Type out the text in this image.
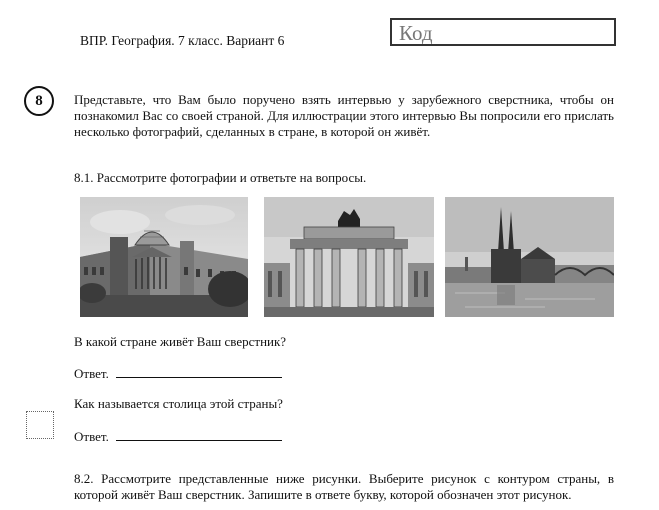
ВПР. География. 7 класс. Вариант 6	Код
8	Представьте, что Вам было поручено взять интервью у зарубежного сверстника, чтобы он познакомил Вас со своей страной. Для иллюстрации этого интервью Вы попросили его прислать несколько фотографий, сделанных в стране, в которой он живёт.
8.1. Рассмотрите фотографии и ответьте на вопросы.
В какой стране живёт Ваш сверстник?
Ответ.
Как называется столица этой страны?
Ответ.
8.2. Рассмотрите представленные ниже рисунки. Выберите рисунок с контуром страны, в которой живёт Ваш сверстник. Запишите в ответе букву, которой обозначен этот рисунок.
